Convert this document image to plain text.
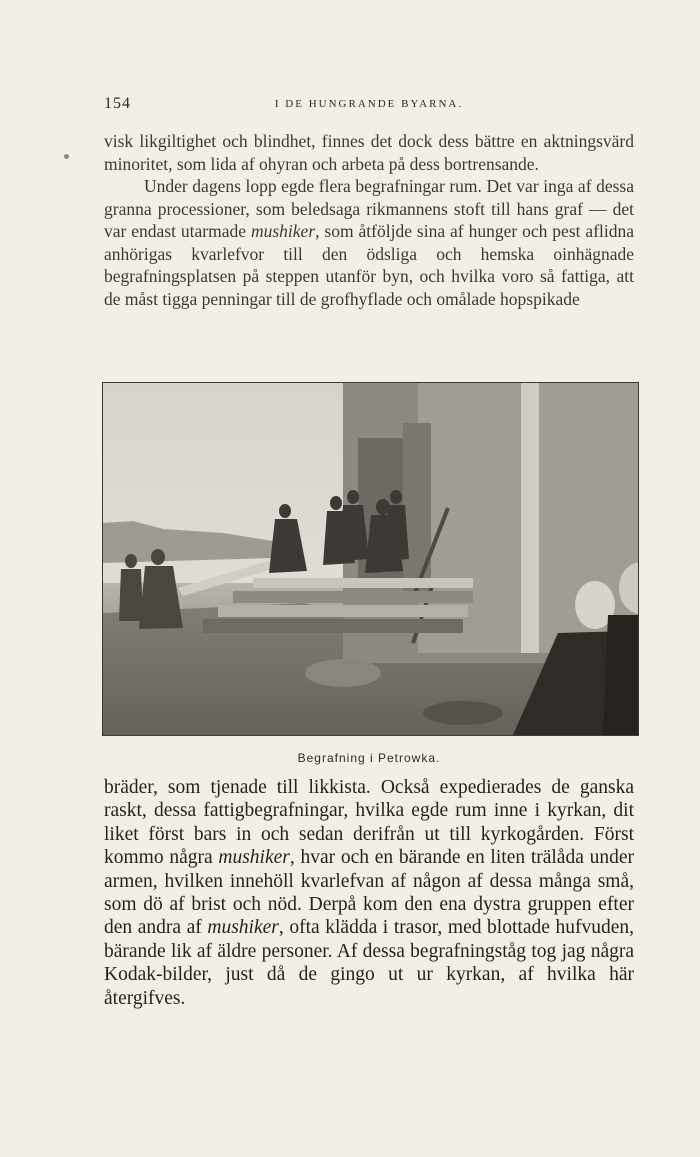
154	I DE HUNGRANDE BYARNA.
visk likgiltighet och blindhet, finnes det dock dess bättre en aktningsvärd minoritet, som lida af ohyran och arbeta på dess bortrensande.
Under dagens lopp egde flera begrafningar rum. Det var inga af dessa granna processioner, som beledsaga rikmannens stoft till hans graf — det var endast utarmade mushiker, som åtföljde sina af hunger och pest aflidna anhörigas kvarlefvor till den ödsliga och hemska oinhägnade begrafningsplatsen på steppen utanför byn, och hvilka voro så fattiga, att de måst tigga penningar till de grofhyflade och omålade hopspikade
Begrafning i Petrowka.

bräder, som tjenade till likkista. Också expedierades de ganska raskt, dessa fattigbegrafningar, hvilka egde rum inne i kyrkan, dit liket först bars in och sedan derifrån ut till kyrkogården. Först kommo några mushiker, hvar och en bärande en liten trälåda under armen, hvilken innehöll kvarlefvan af någon af dessa många små, som dö af brist och nöd. Derpå kom den ena dystra gruppen efter den andra af mushiker, ofta klädda i trasor, med blottade hufvuden, bärande lik af äldre personer. Af dessa begrafningståg tog jag några Kodak-bilder, just då de gingo ut ur kyrkan, af hvilka här återgifves.
